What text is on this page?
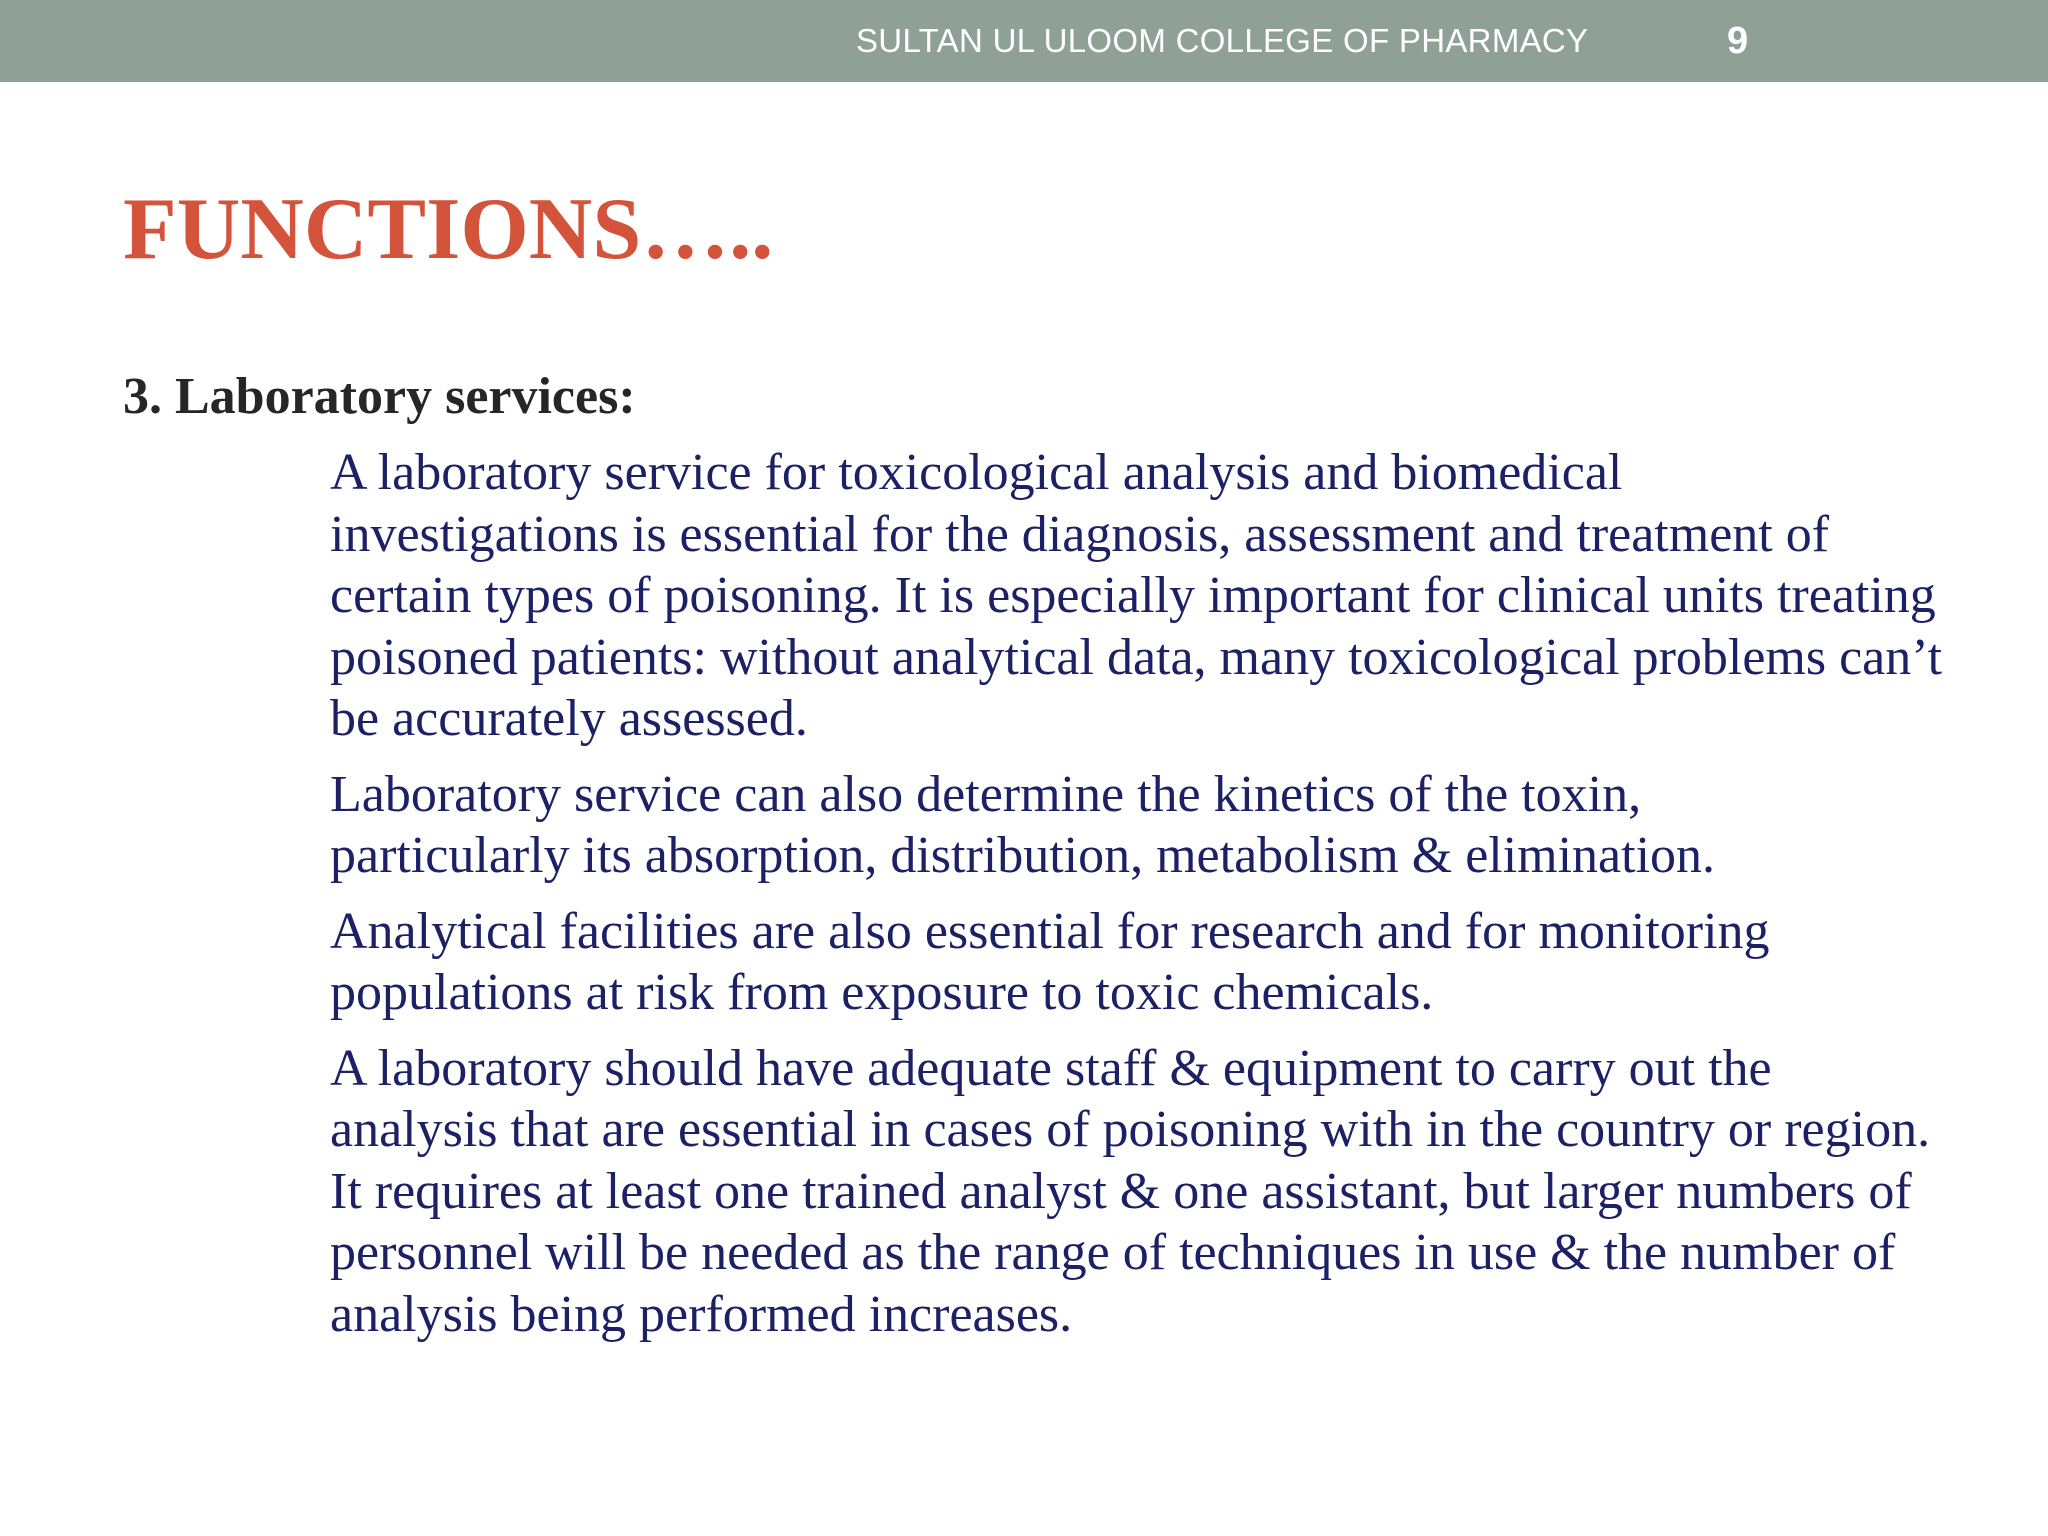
SULTAN UL ULOOM COLLEGE OF PHARMACY	9
FUNCTIONS…..
3. Laboratory services:

A laboratory service for toxicological analysis and biomedical
investigations is essential for the diagnosis, assessment and treatment of
certain types of poisoning. It is especially important for clinical units treating
poisoned patients: without analytical data, many toxicological problems can’t
be accurately assessed.

Laboratory service can also determine the kinetics of the toxin,
particularly its absorption, distribution, metabolism & elimination.

Analytical facilities are also essential for research and for monitoring
populations at risk from exposure to toxic chemicals.

A laboratory should have adequate staff & equipment to carry out the
analysis that are essential in cases of poisoning with in the country or region.
It requires at least one trained analyst & one assistant, but larger numbers of
personnel will be needed as the range of techniques in use & the number of
analysis being performed increases.
